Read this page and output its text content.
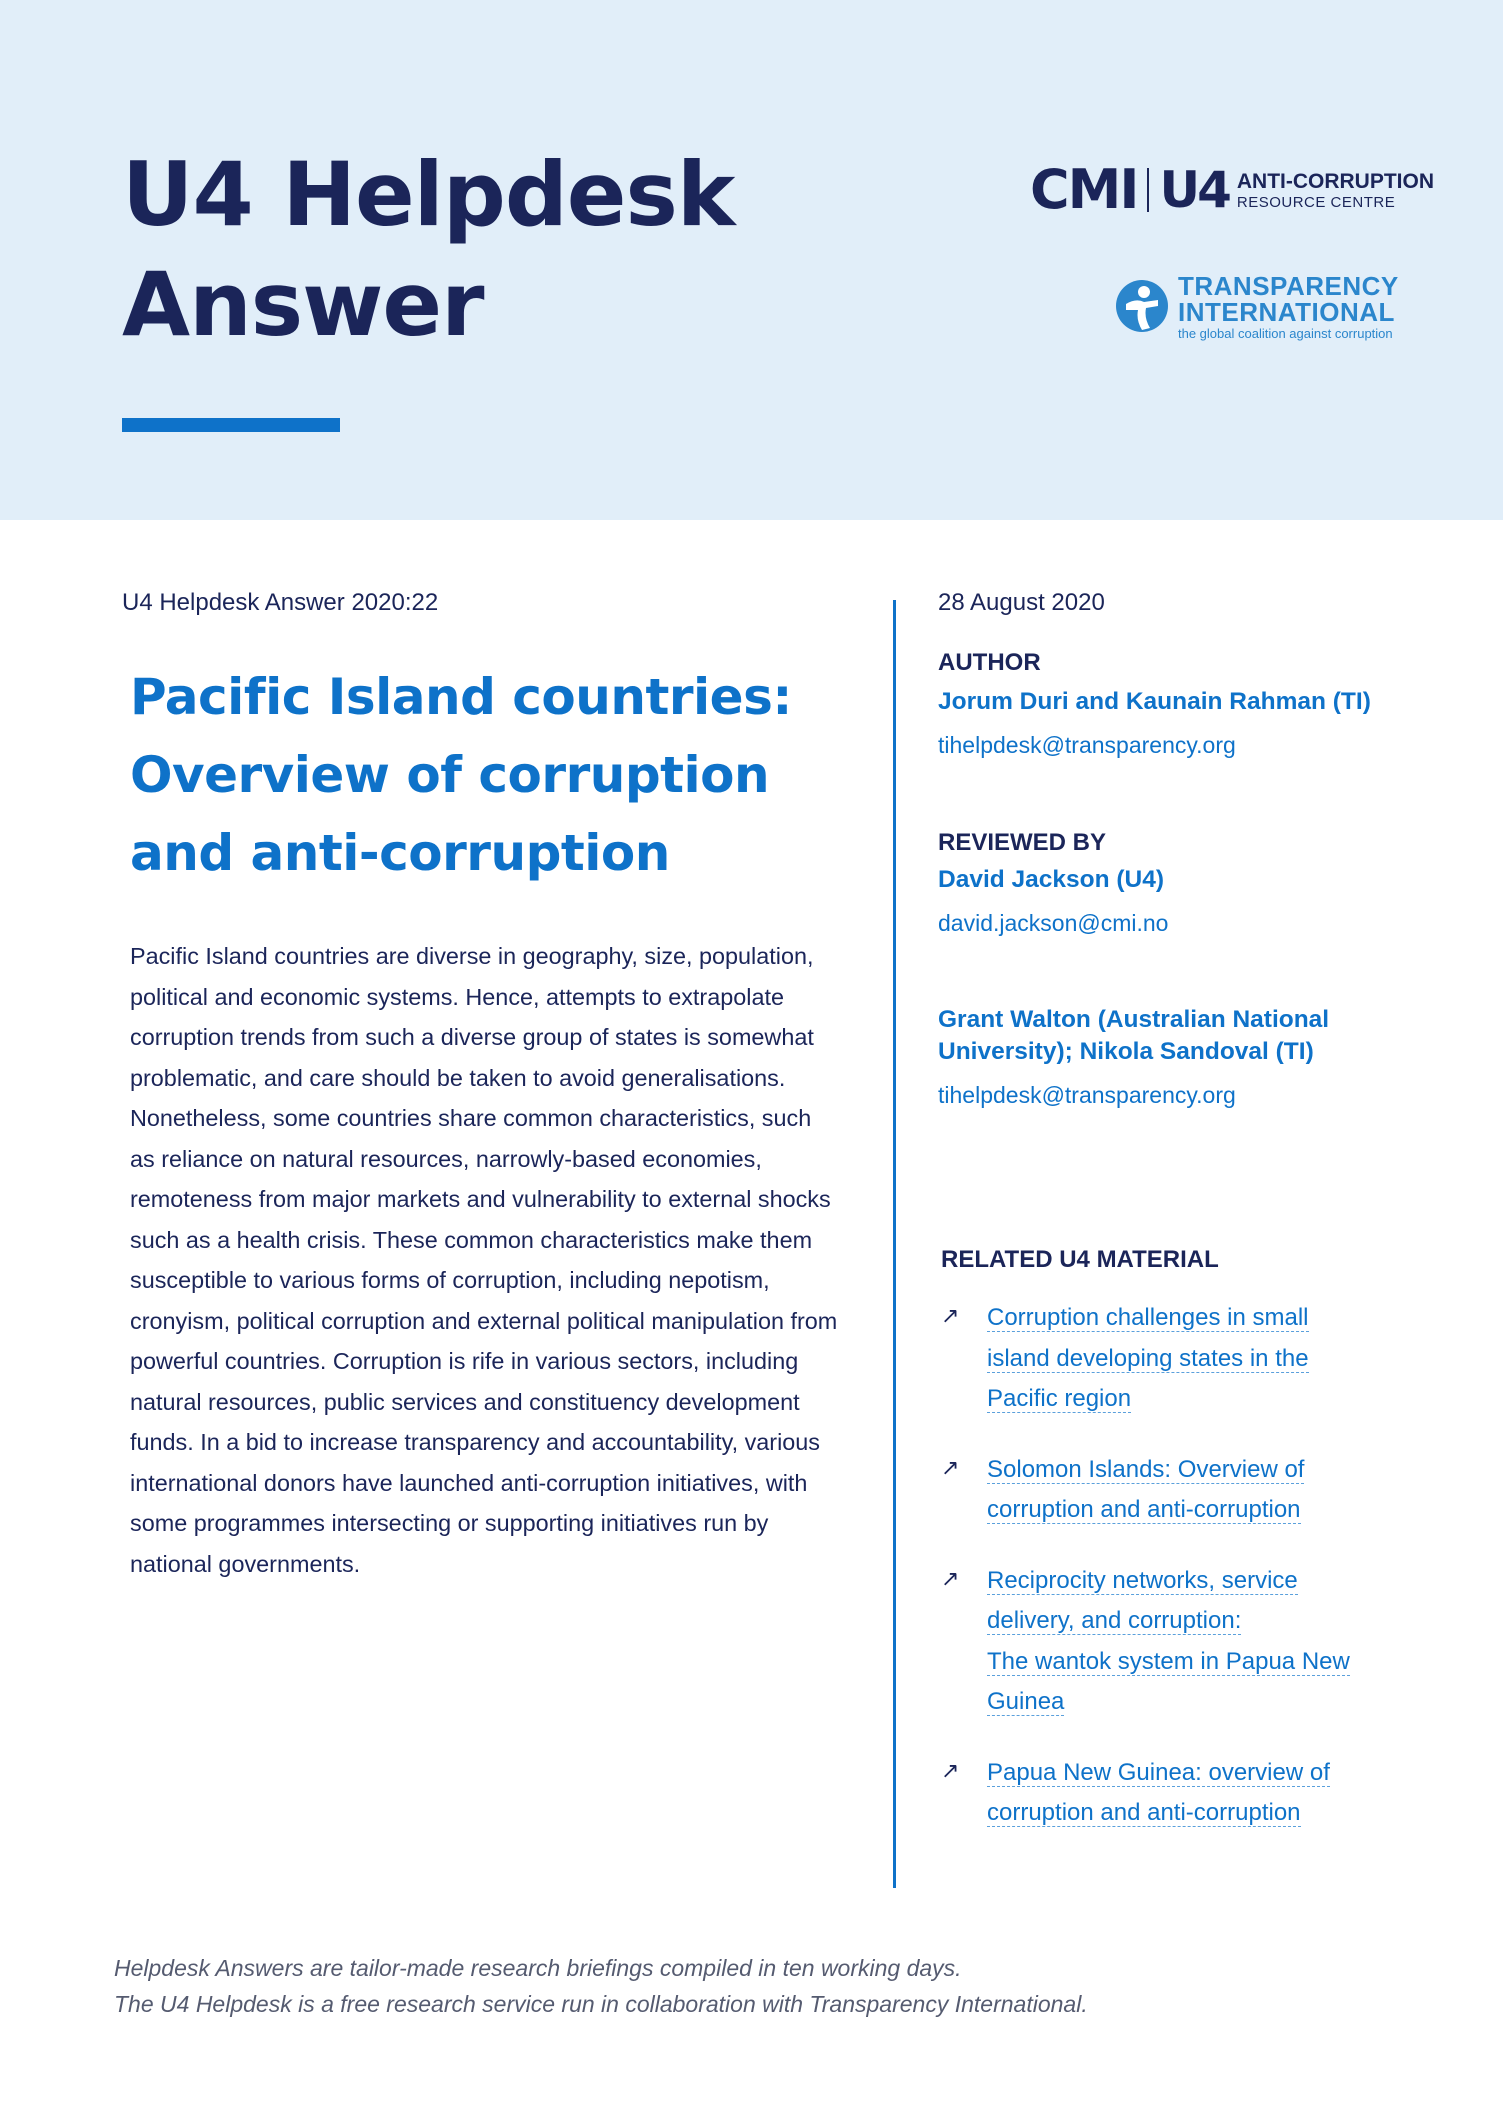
U4 Helpdesk
Answer
CMI U4 ANTI-CORRUPTION
RESOURCE CENTRE
TRANSPARENCY
INTERNATIONAL
the global coalition against corruption

U4 Helpdesk Answer 2020:22

Pacific Island countries: Overview of corruption and anti-corruption

Pacific Island countries are diverse in geography, size, population, political and economic systems. Hence, attempts to extrapolate corruption trends from such a diverse group of states is somewhat problematic, and care should be taken to avoid generalisations. Nonetheless, some countries share common characteristics, such as reliance on natural resources, narrowly-based economies, remoteness from major markets and vulnerability to external shocks such as a health crisis. These common characteristics make them susceptible to various forms of corruption, including nepotism, cronyism, political corruption and external political manipulation from powerful countries. Corruption is rife in various sectors, including natural resources, public services and constituency development funds. In a bid to increase transparency and accountability, various international donors have launched anti-corruption initiatives, with some programmes intersecting or supporting initiatives run by national governments.

28 August 2020

AUTHOR

Jorum Duri and Kaunain Rahman (TI)

tihelpdesk@transparency.org

REVIEWED BY

David Jackson (U4)

david.jackson@cmi.no

Grant Walton (Australian National University); Nikola Sandoval (TI)

tihelpdesk@transparency.org

RELATED U4 MATERIAL

↗ Corruption challenges in small
island developing states in the
Pacific region
↗ Solomon Islands: Overview of
corruption and anti-corruption
↗ Reciprocity networks, service
delivery, and corruption:
The wantok system in Papua New
Guinea
↗ Papua New Guinea: overview of
corruption and anti-corruption

Helpdesk Answers are tailor-made research briefings compiled in ten working days.
The U4 Helpdesk is a free research service run in collaboration with Transparency International.
